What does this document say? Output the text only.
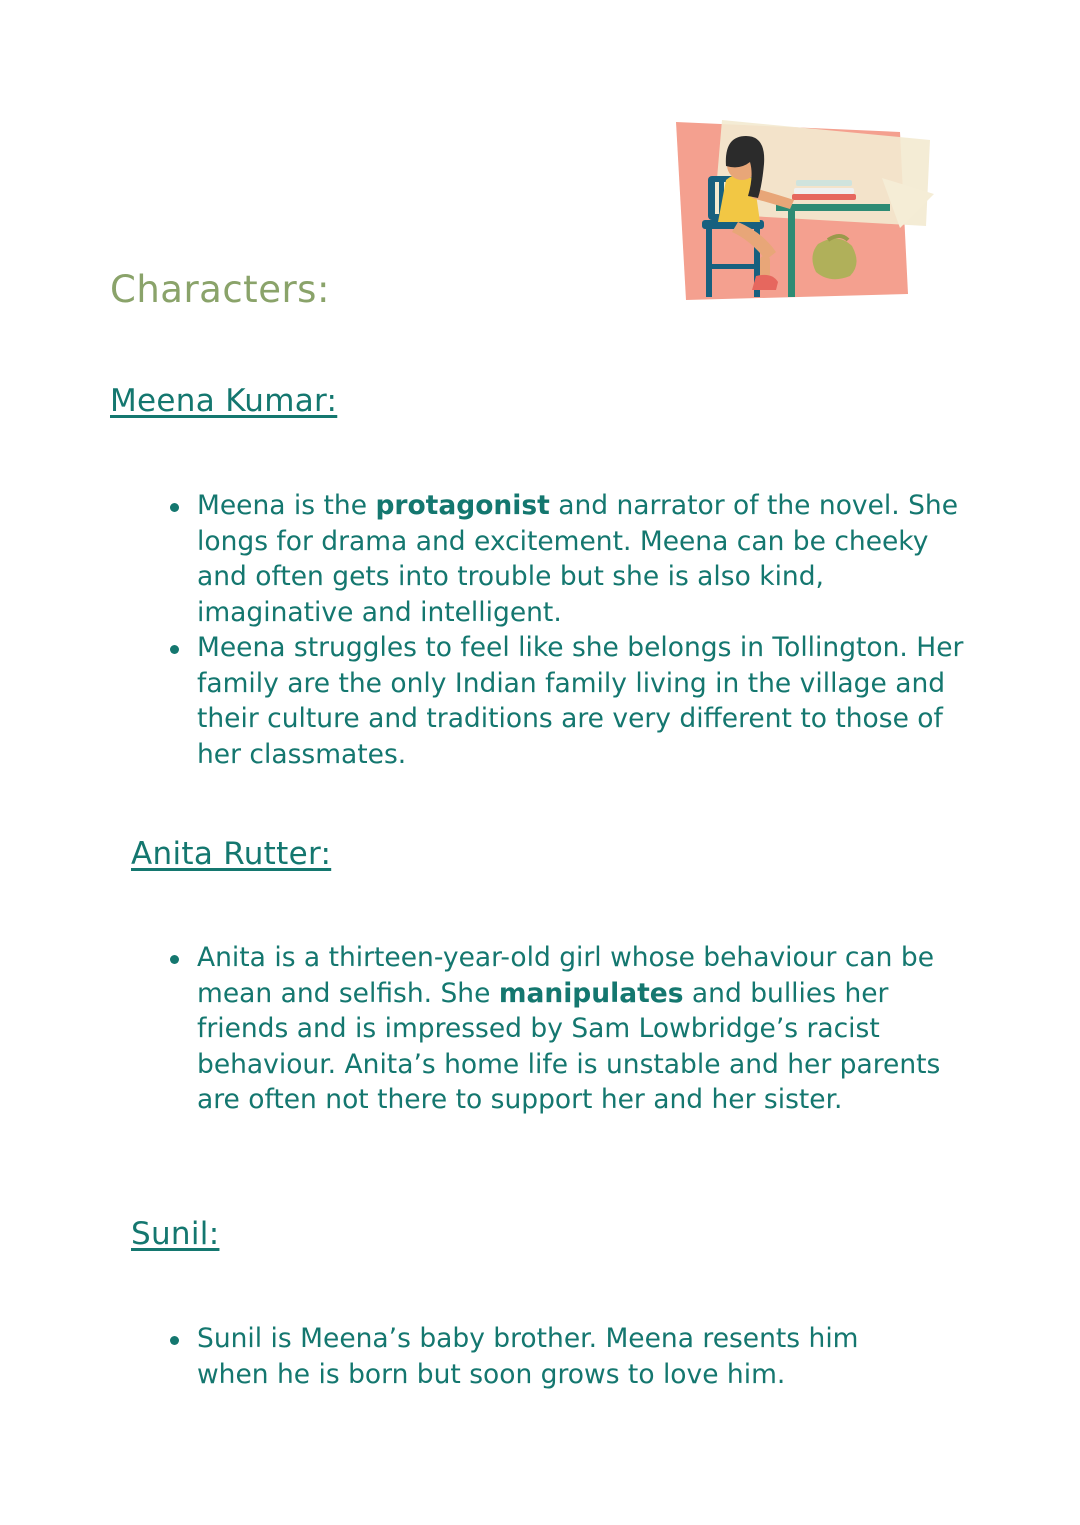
Characters:
Meena Kumar:
Meena is the protagonist and narrator of the novel. She longs for drama and excitement. Meena can be cheeky and often gets into trouble but she is also kind, imaginative and intelligent.
Meena struggles to feel like she belongs in Tollington. Her family are the only Indian family living in the village and their culture and traditions are very different to those of her classmates.
Anita Rutter:
Anita is a thirteen-year-old girl whose behaviour can be mean and selfish. She manipulates and bullies her friends and is impressed by Sam Lowbridge’s racist behaviour. Anita’s home life is unstable and her parents are often not there to support her and her sister.
Sunil:
Sunil is Meena’s baby brother. Meena resents him when he is born but soon grows to love him.
